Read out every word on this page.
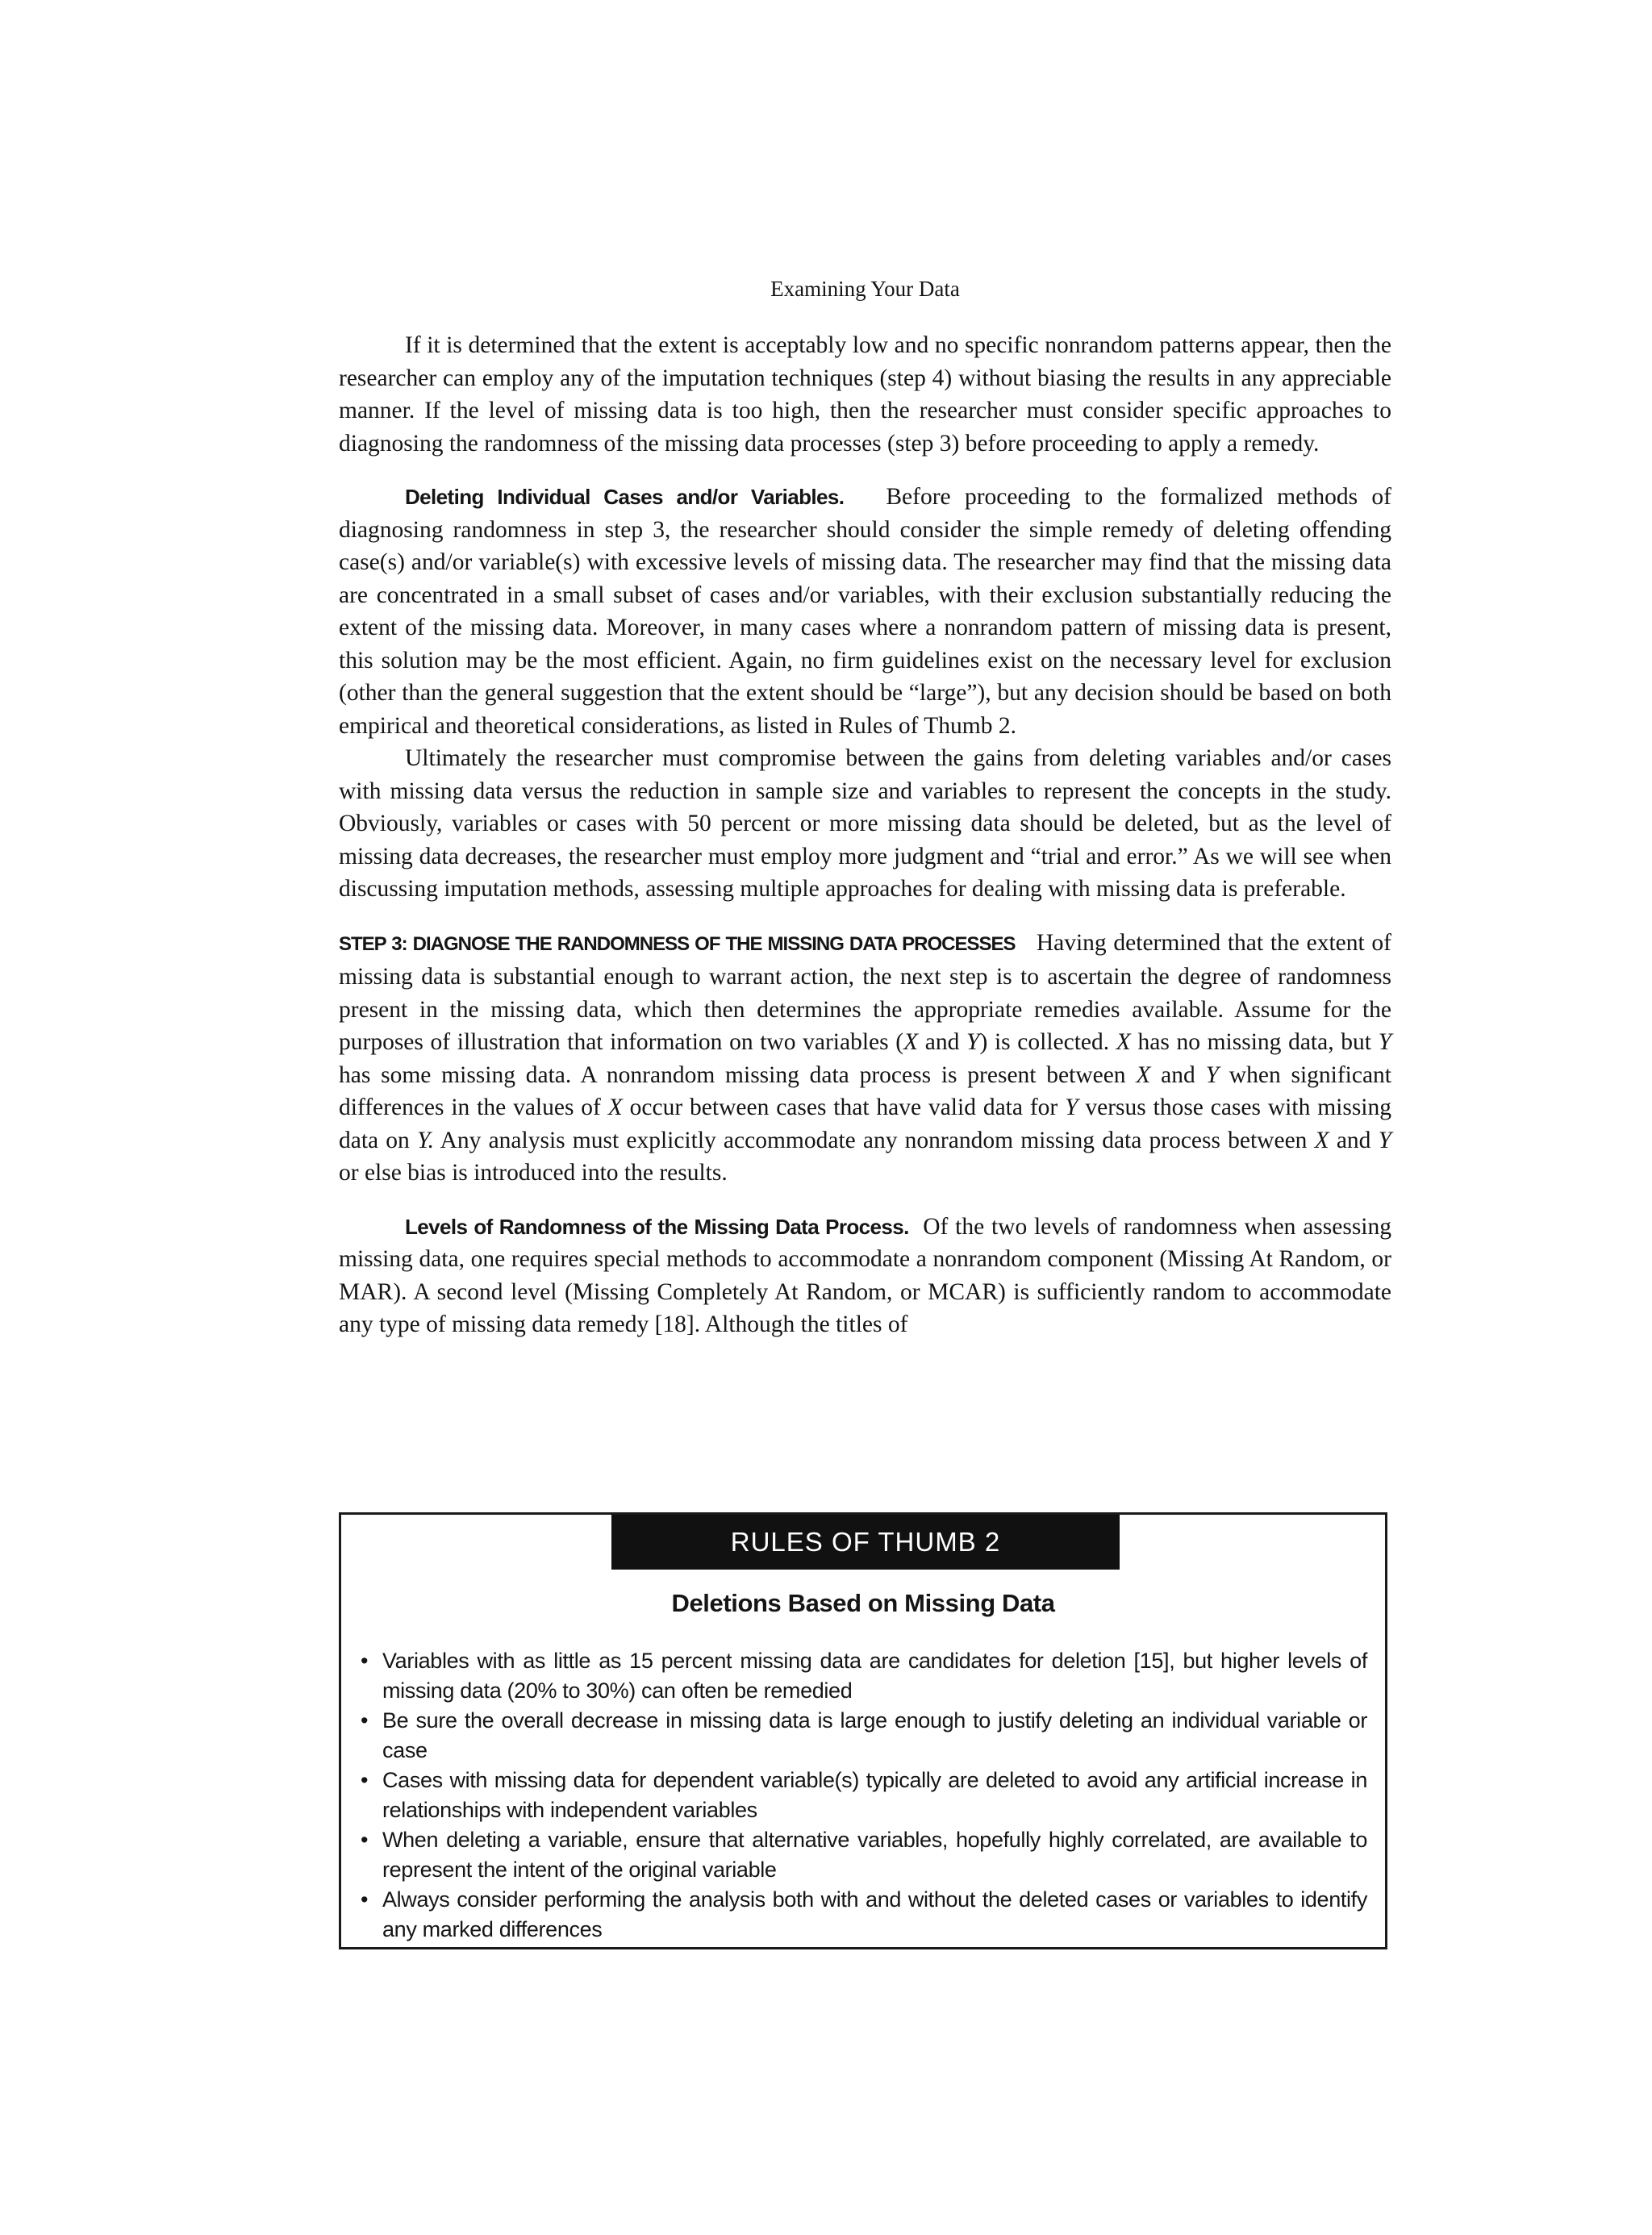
Examining Your Data

If it is determined that the extent is acceptably low and no specific nonrandom patterns appear, then the researcher can employ any of the imputation techniques (step 4) without biasing the results in any appreciable manner. If the level of missing data is too high, then the researcher must consider specific approaches to diagnosing the randomness of the missing data processes (step 3) before proceeding to apply a remedy.

Deleting Individual Cases and/or Variables. Before proceeding to the formalized methods of diagnosing randomness in step 3, the researcher should consider the simple remedy of deleting offending case(s) and/or variable(s) with excessive levels of missing data. The researcher may find that the missing data are concentrated in a small subset of cases and/or variables, with their exclusion substantially reducing the extent of the missing data. Moreover, in many cases where a nonrandom pattern of missing data is present, this solution may be the most efficient. Again, no firm guidelines exist on the necessary level for exclusion (other than the general suggestion that the extent should be “large”), but any decision should be based on both empirical and theoretical considerations, as listed in Rules of Thumb 2.

Ultimately the researcher must compromise between the gains from deleting variables and/or cases with missing data versus the reduction in sample size and variables to represent the concepts in the study. Obviously, variables or cases with 50 percent or more missing data should be deleted, but as the level of missing data decreases, the researcher must employ more judgment and “trial and error.” As we will see when discussing imputation methods, assessing multiple approaches for dealing with missing data is preferable.

STEP 3: DIAGNOSE THE RANDOMNESS OF THE MISSING DATA PROCESSES Having determined that the extent of missing data is substantial enough to warrant action, the next step is to ascertain the degree of randomness present in the missing data, which then determines the appropriate remedies available. Assume for the purposes of illustration that information on two variables (X and Y) is collected. X has no missing data, but Y has some missing data. A nonrandom missing data process is present between X and Y when significant differences in the values of X occur between cases that have valid data for Y versus those cases with missing data on Y. Any analysis must explicitly accommodate any nonrandom missing data process between X and Y or else bias is introduced into the results.

Levels of Randomness of the Missing Data Process. Of the two levels of randomness when assessing missing data, one requires special methods to accommodate a nonrandom component (Missing At Random, or MAR). A second level (Missing Completely At Random, or MCAR) is sufficiently random to accommodate any type of missing data remedy [18]. Although the titles of

RULES OF THUMB 2
Deletions Based on Missing Data
• Variables with as little as 15 percent missing data are candidates for deletion [15], but higher levels of missing data (20% to 30%) can often be remedied
• Be sure the overall decrease in missing data is large enough to justify deleting an individual variable or case
• Cases with missing data for dependent variable(s) typically are deleted to avoid any artificial increase in relationships with independent variables
• When deleting a variable, ensure that alternative variables, hopefully highly correlated, are available to represent the intent of the original variable
• Always consider performing the analysis both with and without the deleted cases or variables to identify any marked differences
